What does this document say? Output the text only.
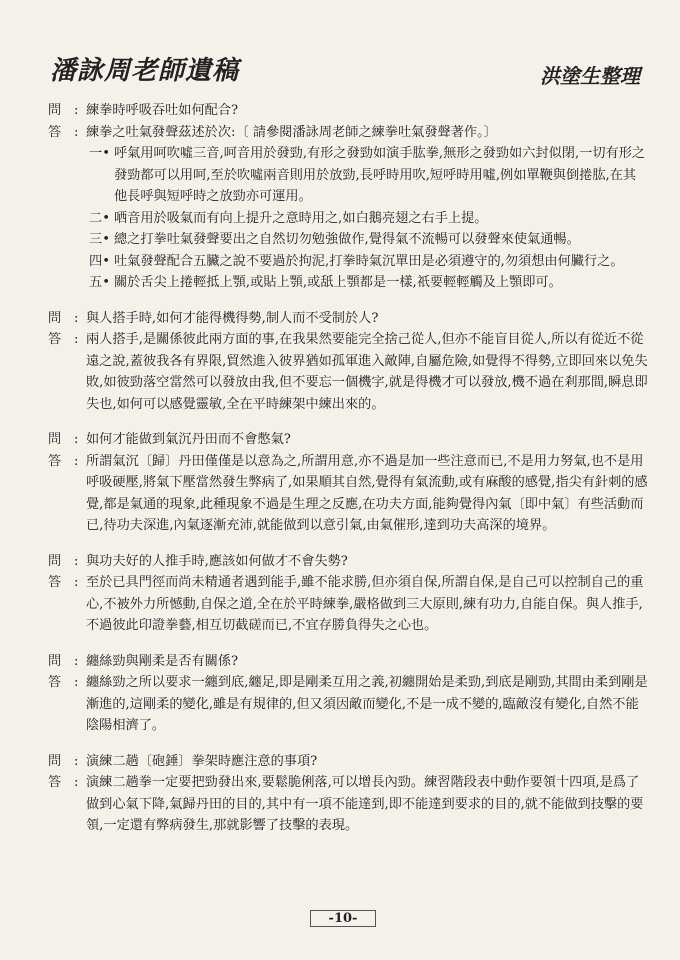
潘詠周老師遺稿	洪塗生整理
問 : 練拳時呼吸吞吐如何配合?
答 : 練拳之吐氣發聲茲述於次:〔 請參閱潘詠周老師之練拳吐氣發聲著作。〕
一• 呼氣用呵吹噓三音,呵音用於發勁,有形之發勁如演手肱拳,無形之發勁如六封似閉,一切有形之發勁都可以用呵,至於吹噓兩音則用於放勁,長呼時用吹,短呼時用噓,例如單鞭與倒捲肱,在其他長呼與短呼時之放勁亦可運用。
二• 哂音用於吸氣而有向上提升之意時用之,如白鵝亮翅之右手上提。
三• 總之打拳吐氣發聲要出之自然切勿勉強做作,覺得氣不流暢可以發聲來使氣通暢。
四• 吐氣發聲配合五臟之說不要過於拘泥,打拳時氣沉單田是必須遵守的,勿須想由何臟行之。
五• 關於舌尖上捲輕抵上顎,或貼上顎,或舐上顎都是一樣,祇要輕輕觸及上顎即可。
問 : 與人搭手時,如何才能得機得勢,制人而不受制於人?
答 : 兩人搭手,是關係彼此兩方面的事,在我果然要能完全捨己從人,但亦不能盲目從人,所以有從近不從遠之說,蓋彼我各有界限,貿然進入彼界猶如孤軍進入敵陣,自屬危險,如覺得不得勢,立即回來以免失敗,如彼勁落空當然可以發放由我,但不要忘一個機字,就是得機才可以發放,機不過在剎那間,瞬息即失也,如何可以感覺靈敏,全在平時練架中練出來的。
問 : 如何才能做到氣沉丹田而不會憋氣?
答 : 所謂氣沉〔歸〕丹田僅僅是以意為之,所謂用意,亦不過是加一些注意而已,不是用力努氣,也不是用呼吸硬壓,將氣下壓當然發生弊病了,如果順其自然,覺得有氣流動,或有麻酸的感覺,指尖有針刺的感覺,都是氣通的現象,此種現象不過是生理之反應,在功夫方面,能夠覺得內氣〔即中氣〕有些活動而已,待功夫深進,內氣逐漸充沛,就能做到以意引氣,由氣催形,達到功夫高深的境界。
問 : 與功夫好的人推手時,應該如何做才不會失勢?
答 : 至於已具門徑而尚未精通者遇到能手,雖不能求勝,但亦須自保,所謂自保,是自己可以控制自己的重心,不被外力所憾動,自保之道,全在於平時練拳,嚴格做到三大原則,練有功力,自能自保。與人推手,不過彼此印證拳藝,相互切截磋而已,不宜存勝負得失之心也。
問 : 纏絲勁與剛柔是否有關係?
答 : 纏絲勁之所以要求一纏到底,纏足,即是剛柔互用之義,初纏開始是柔勁,到底是剛勁,其間由柔到剛是漸進的,這剛柔的變化,雖是有規律的,但又須因敵而變化,不是一成不變的,臨敵沒有變化,自然不能陰陽相濟了。
問 : 演練二趟〔砲錘〕拳架時應注意的事項?
答 : 演練二趟拳一定要把勁發出來,要鬆脆俐落,可以增長內勁。練習階段表中動作要領十四項,是爲了做到心氣下降,氣歸丹田的目的,其中有一項不能達到,即不能達到要求的目的,就不能做到技擊的要領,一定還有弊病發生,那就影響了技擊的表現。
-10-
